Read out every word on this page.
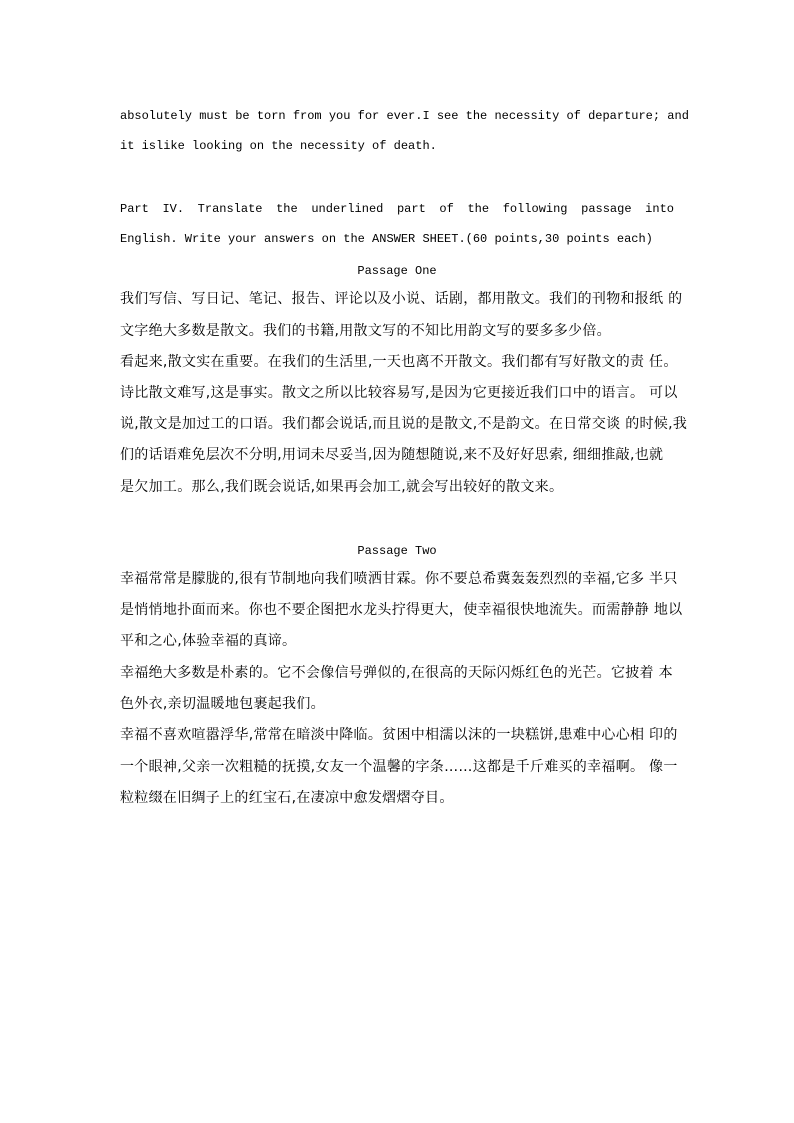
absolutely must be torn from you for ever.I see the necessity of departure; and
it islike looking on the necessity of death.
Part IV. Translate the underlined part of the following passage into
English. Write your answers on the ANSWER SHEET.(60 points,30 points each)
Passage One
我们写信、写日记、笔记、报告、评论以及小说、话剧，都用散文。我们的刊物和报纸 的
文字绝大多数是散文。我们的书籍,用散文写的不知比用韵文写的要多多少倍。
看起来,散文实在重要。在我们的生活里,一天也离不开散文。我们都有写好散文的责 任。
诗比散文难写,这是事实。散文之所以比较容易写,是因为它更接近我们口中的语言。 可以
说,散文是加过工的口语。我们都会说话,而且说的是散文,不是韵文。在日常交谈 的时候,我
们的话语难免层次不分明,用词未尽妥当,因为随想随说,来不及好好思索, 细细推敲,也就
是欠加工。那么,我们既会说话,如果再会加工,就会写出较好的散文来。
Passage Two
幸福常常是朦胧的,很有节制地向我们喷洒甘霖。你不要总希冀轰轰烈烈的幸福,它多 半只
是悄悄地扑面而来。你也不要企图把水龙头拧得更大，使幸福很快地流失。而需静静 地以
平和之心,体验幸福的真谛。
幸福绝大多数是朴素的。它不会像信号弹似的,在很高的天际闪烁红色的光芒。它披着 本
色外衣,亲切温暖地包裹起我们。
幸福不喜欢喧嚣浮华,常常在暗淡中降临。贫困中相濡以沫的一块糕饼,患难中心心相 印的
一个眼神,父亲一次粗糙的抚摸,女友一个温馨的字条……这都是千斤难买的幸福啊。 像一
粒粒缀在旧绸子上的红宝石,在凄凉中愈发熠熠夺目。
